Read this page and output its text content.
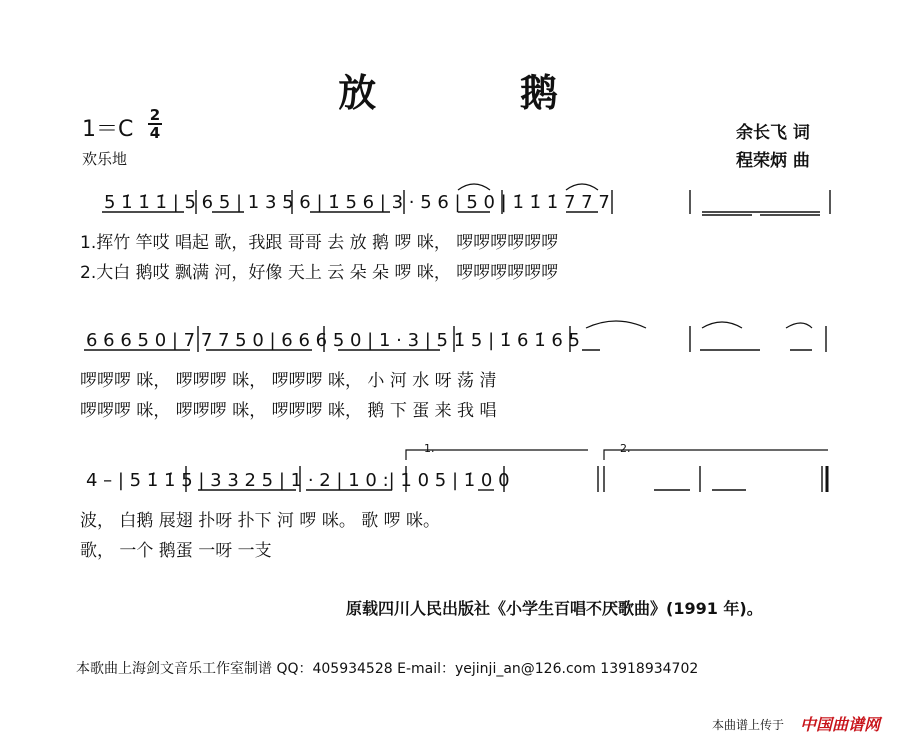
放	鹅
1＝C
2
4
欢乐地
余长飞 词
程荣炳 曲
5 1̇ 1̇ 1̇ | 5 6 5 | 1 3 5 6 | 1̇ 5 6 | 3 · 5 6 | 5 0 | 1̇ 1̇ 1̇ 7 7 7
1.挥竹 竿哎 唱起 歌，我跟 哥哥 去 放 鹅 啰 咪， 啰啰啰啰啰啰
2.大白 鹅哎 飘满 河，好像 天上 云 朵 朵 啰 咪， 啰啰啰啰啰啰
6 6 6 5 0 | 7 7 7 5 0 | 6 6 6 5 0 | 1 · 3 | 5 1̇ 5 | 1̇ 6 1̇ 6 5
啰啰啰 咪， 啰啰啰 咪， 啰啰啰 咪， 小 河 水 呀 荡 清
啰啰啰 咪， 啰啰啰 咪， 啰啰啰 咪， 鹅 下 蛋 来 我 唱
4 – | 5 1̇ 1̇ 5 | 3 3 2 5 | 1 · 2 | 1 0 :| 1 0 5 | 1̇ 0 0
波， 白鹅 展翅 扑呀 扑下 河 啰 咪。 歌 啰 咪。
歌， 一个 鹅蛋 一呀 一支
1.	2.
原载四川人民出版社《小学生百唱不厌歌曲》(1991 年)。
本歌曲上海剑文音乐工作室制谱 QQ：405934528 E-mail：yejinji_an@126.com 13918934702
本曲谱上传于 中国曲谱网
